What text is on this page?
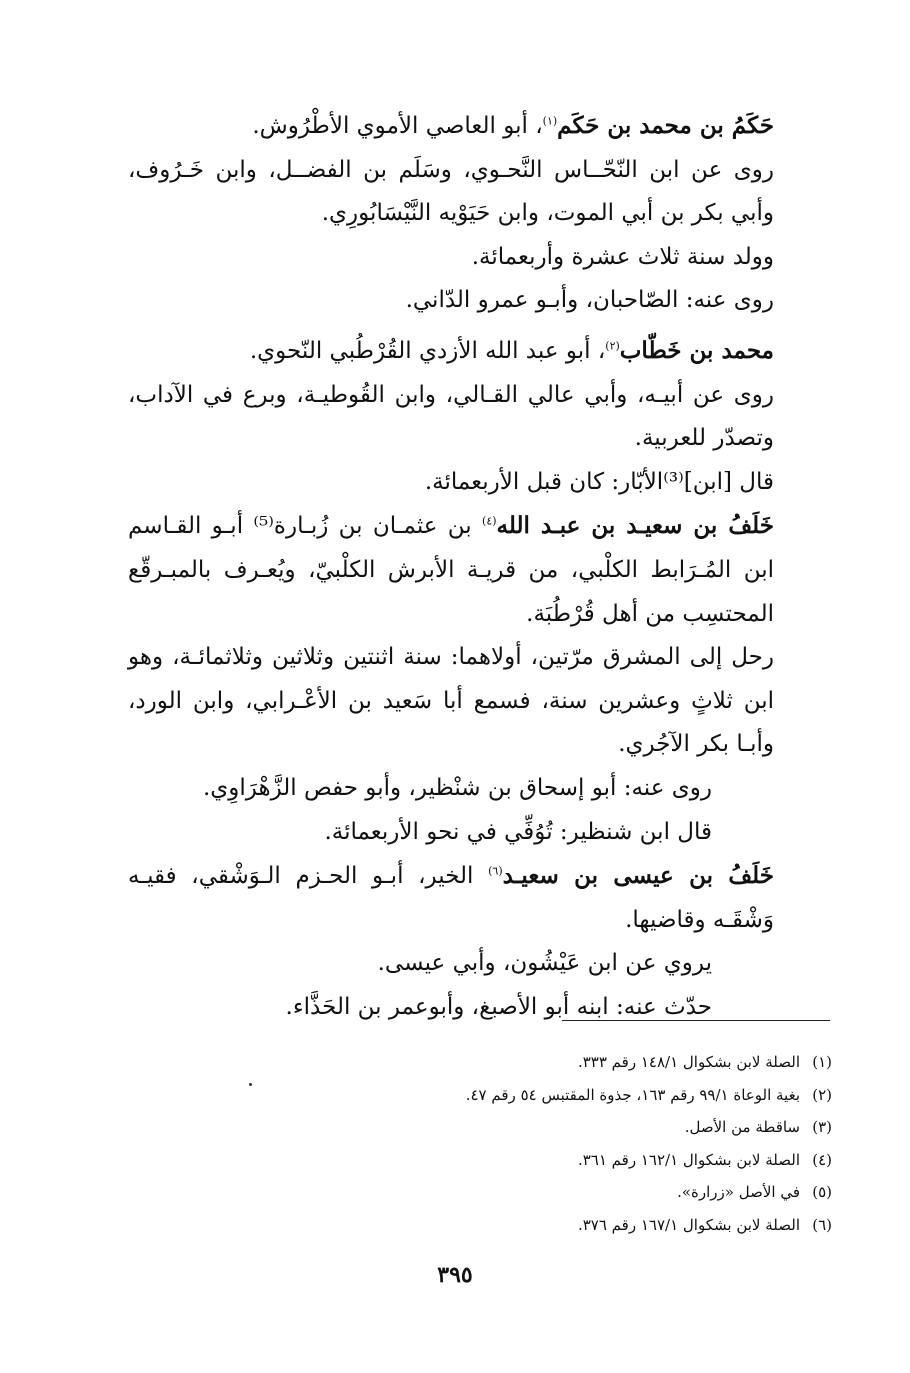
حَكَمُ بن محمد بن حَكَم$^{(١)}$، أبو العاصي الأموي الأطْرُوش.

روى عن ابن النّحّــاس النَّحـوي، وسَلَم بن الفضــل، وابن خَـرُوف، وأبي بكر بن أبي الموت، وابن حَيَوْيه النَّيْسَابُورِي.

وولد سنة ثلاث عشرة وأربعمائة.

روى عنه: الصّاحبان، وأبـو عمرو الدّاني.

محمد بن خَطّاب$^{(٢)}$، أبو عبد الله الأزدي القُرْطُبي النّحوي.

روى عن أبيـه، وأبي عالي القـالي، وابن القُوطيـة، وبرع في الآداب، وتصدّر للعربية.

قال [ابن]‏⁽³⁾الأبّار: كان قبل الأربعمائة.

خَلَفُ بن سعيـد بن عبـد الله$^{(٤)}$ بن عثمـان بن زُبـارة⁽⁵⁾ أبـو القـاسم ابن المُـرَابط الكلْبي، من قريـة الأبرش الكلْبيّ، ويُعـرف بالمبـرقّع المحتسِب من أهل قُرْطُبَة.

رحل إلى المشرق مرّتين، أولاهما: سنة اثنتين وثلاثين وثلاثمائـة، وهو ابن ثلاثٍ وعشرين سنة، فسمع أبا سَعيد بن الأعْـرابي، وابن الورد، وأبـا بكر الآجُري.

روى عنه: أبو إسحاق بن شنْظير، وأبو حفص الزَّهْرَاوِي.

قال ابن شنظير: تُوُفِّي في نحو الأربعمائة.

خَلَفُ بن عيسى بن سعيـد$^{(٦)}$ الخير، أبـو الحـزم الـوَشْقي، فقيـه وَشْقَـه وقاضيها.

يروي عن ابن عَيْشُون، وأبي عيسى.

حدّث عنه: ابنه أبو الأصبغ، وأبوعمر بن الحَذَّاء.

(١)الصلة لابن بشكوال ١٤٨/١ رقم ٣٣٣.

(٢)بغية الوعاة ٩٩/١ رقم ١٦٣، جذوة المقتبس ٥٤ رقم ٤٧.

(٣)ساقطة من الأصل.

(٤)الصلة لابن بشكوال ١٦٢/١ رقم ٣٦١.

(٥)في الأصل «زرارة».

(٦)الصلة لابن بشكوال ١٦٧/١ رقم ٣٧٦.

٣٩٥
